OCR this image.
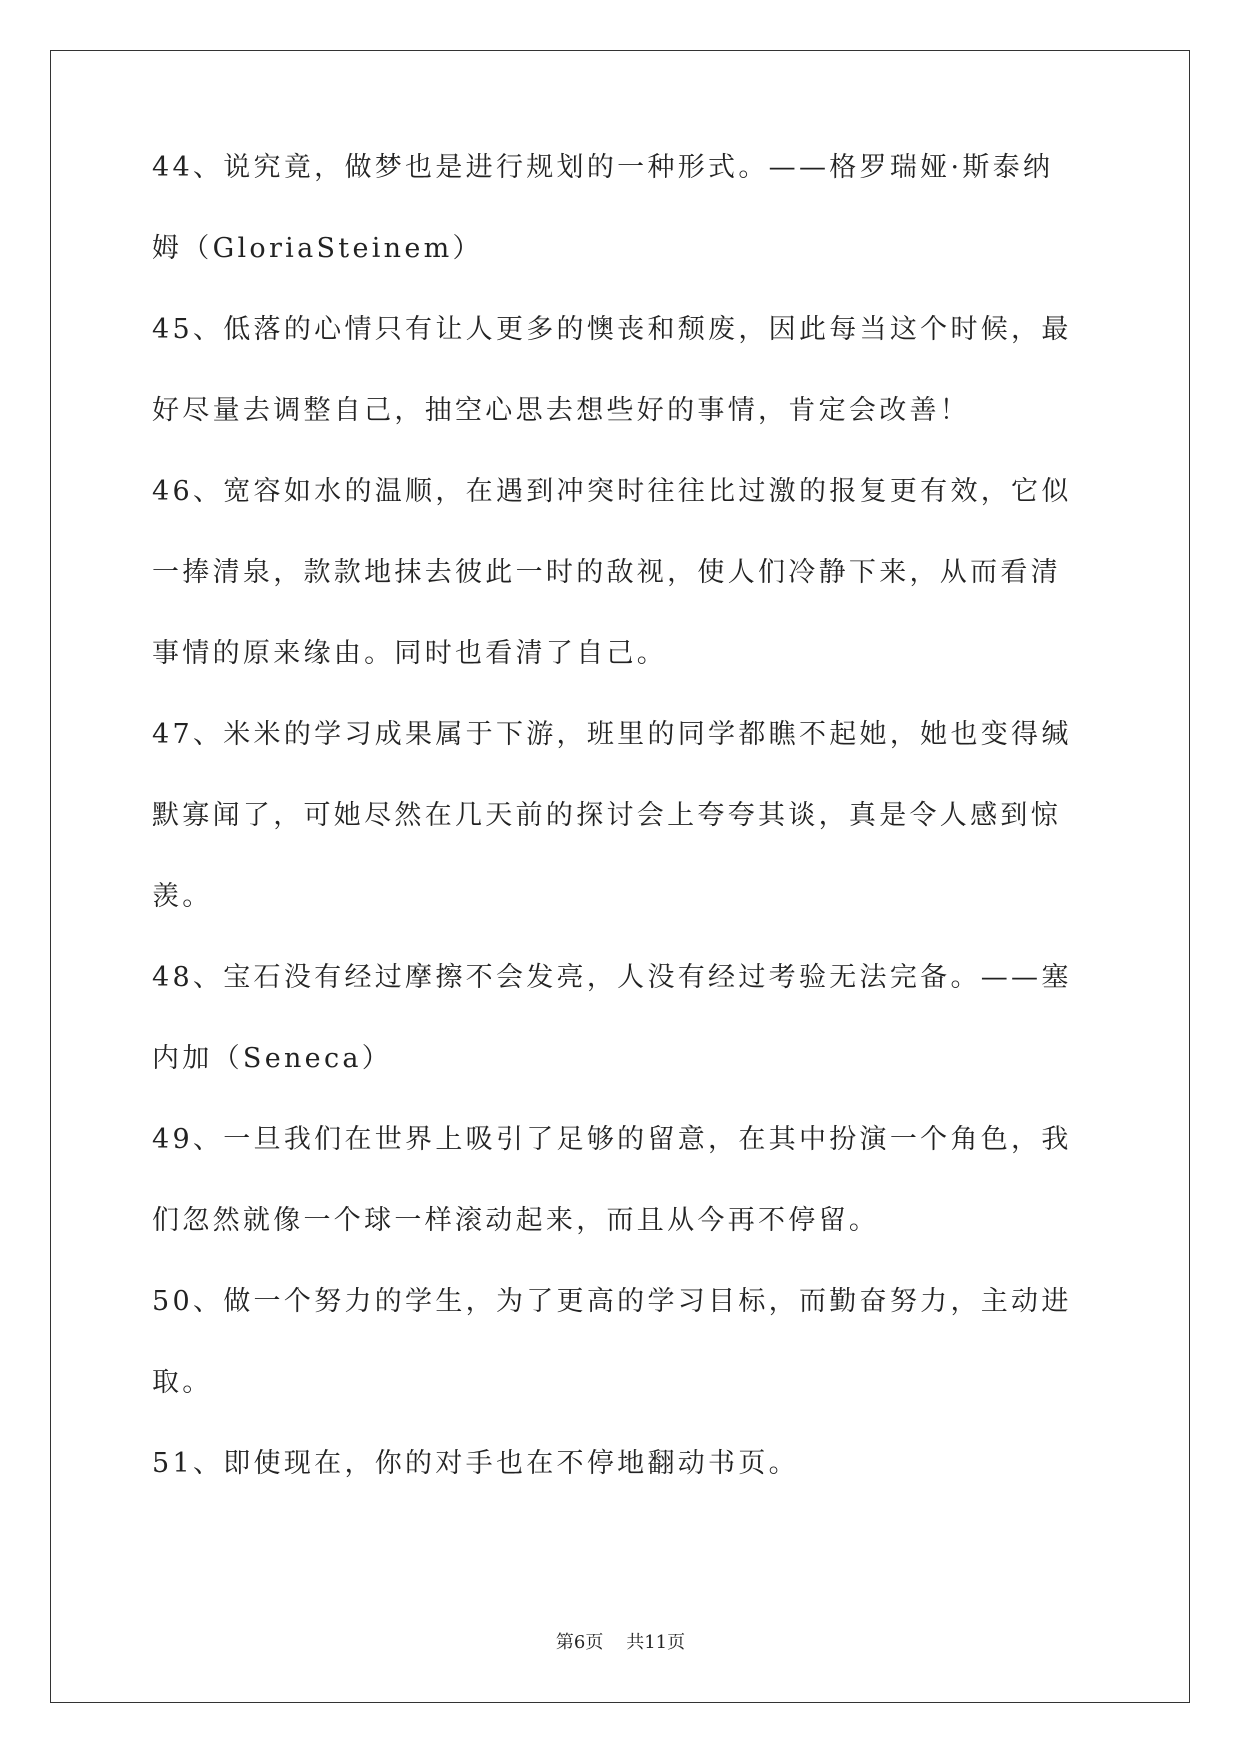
44、说究竟，做梦也是进行规划的一种形式。——格罗瑞娅·斯泰纳

姆（GloriaSteinem）

45、低落的心情只有让人更多的懊丧和颓废，因此每当这个时候，最

好尽量去调整自己，抽空心思去想些好的事情，肯定会改善！

46、宽容如水的温顺，在遇到冲突时往往比过激的报复更有效，它似

一捧清泉，款款地抹去彼此一时的敌视，使人们冷静下来，从而看清

事情的原来缘由。同时也看清了自己。

47、米米的学习成果属于下游，班里的同学都瞧不起她，她也变得缄

默寡闻了，可她尽然在几天前的探讨会上夸夸其谈，真是令人感到惊

羡。

48、宝石没有经过摩擦不会发亮，人没有经过考验无法完备。——塞

内加（Seneca）

49、一旦我们在世界上吸引了足够的留意，在其中扮演一个角色，我

们忽然就像一个球一样滚动起来，而且从今再不停留。

50、做一个努力的学生，为了更高的学习目标，而勤奋努力，主动进

取。

51、即使现在，你的对手也在不停地翻动书页。

第6页 共11页
